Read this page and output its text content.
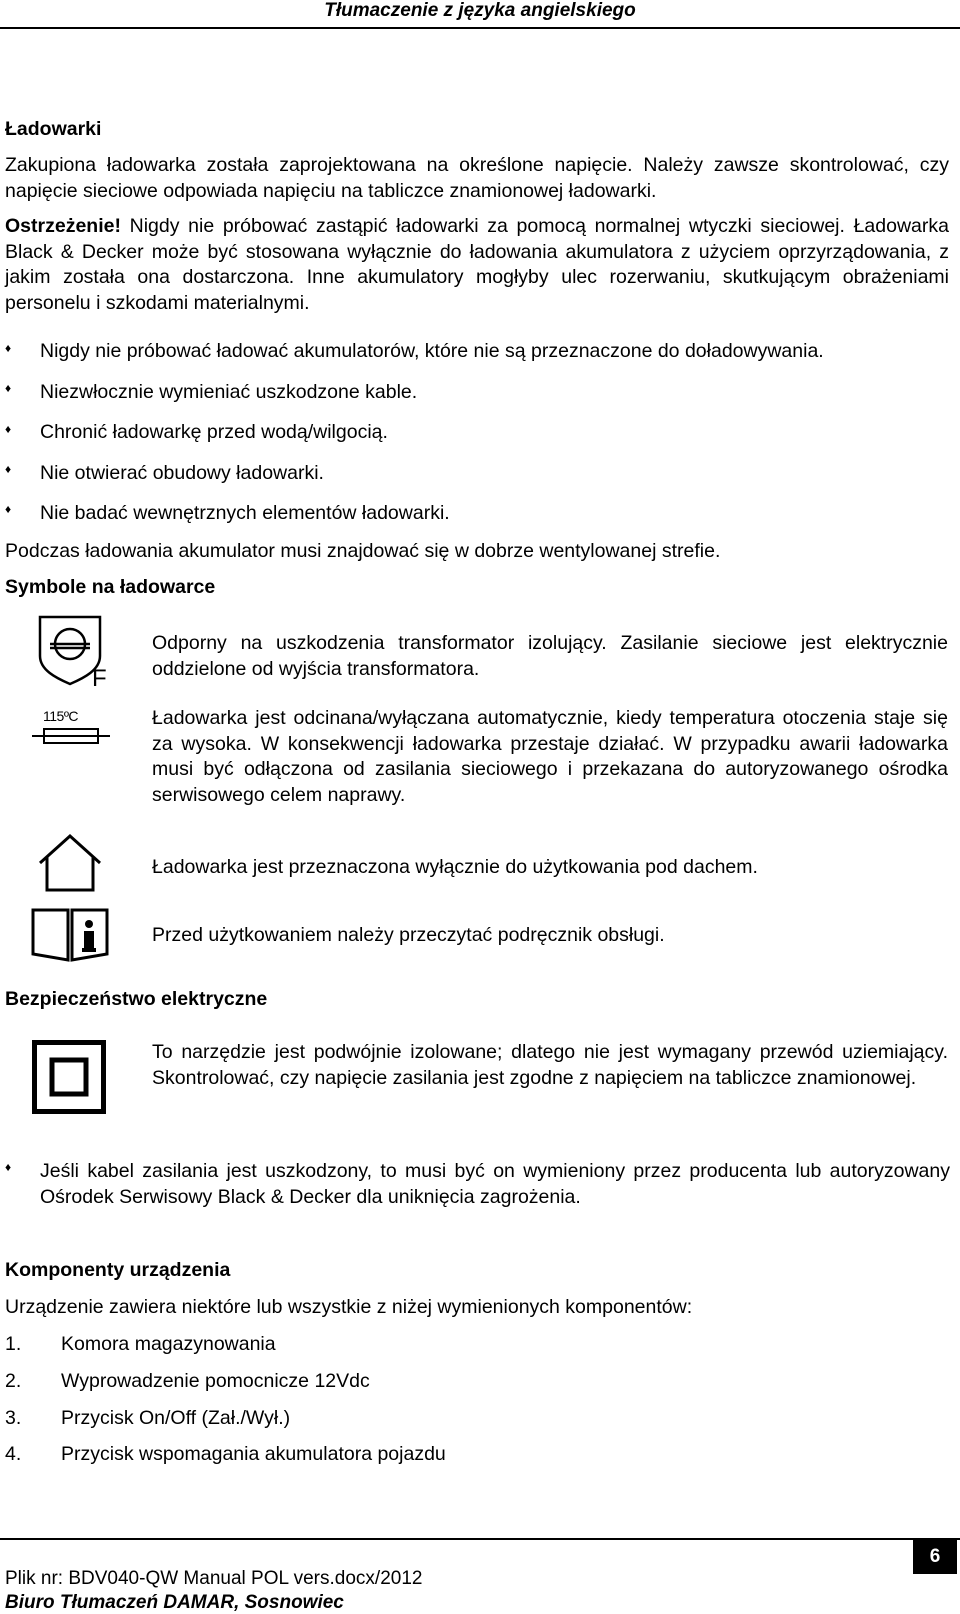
Tłumaczenie z języka angielskiego
Ładowarki
Zakupiona ładowarka została zaprojektowana na określone napięcie. Należy zawsze skontrolować, czy napięcie sieciowe odpowiada napięciu na tabliczce znamionowej ładowarki.
Ostrzeżenie! Nigdy nie próbować zastąpić ładowarki za pomocą normalnej wtyczki sieciowej. Ładowarka Black & Decker może być stosowana wyłącznie do ładowania akumulatora z użyciem oprzyrządowania, z jakim została ona dostarczona. Inne akumulatory mogłyby ulec rozerwaniu, skutkującym obrażeniami personelu i szkodami materialnymi.
♦ Nigdy nie próbować ładować akumulatorów, które nie są przeznaczone do doładowywania.
♦ Niezwłocznie wymieniać uszkodzone kable.
♦ Chronić ładowarkę przed wodą/wilgocią.
♦ Nie otwierać obudowy ładowarki.
♦ Nie badać wewnętrznych elementów ładowarki.
Podczas ładowania akumulator musi znajdować się w dobrze wentylowanej strefie.
Symbole na ładowarce
F
Odporny na uszkodzenia transformator izolujący. Zasilanie sieciowe jest elektrycznie oddzielone od wyjścia transformatora.
115ºC	Ładowarka jest odcinana/wyłączana automatycznie, kiedy temperatura otoczenia staje się za wysoka. W konsekwencji ładowarka przestaje działać. W przypadku awarii ładowarka musi być odłączona od zasilania sieciowego i przekazana do autoryzowanego ośrodka serwisowego celem naprawy.
Ładowarka jest przeznaczona wyłącznie do użytkowania pod dachem.
Przed użytkowaniem należy przeczytać podręcznik obsługi.
Bezpieczeństwo elektryczne
To narzędzie jest podwójnie izolowane; dlatego nie jest wymagany przewód uziemiający. Skontrolować, czy napięcie zasilania jest zgodne z napięciem na tabliczce znamionowej.
♦ Jeśli kabel zasilania jest uszkodzony, to musi być on wymieniony przez producenta lub autoryzowany Ośrodek Serwisowy Black & Decker dla uniknięcia zagrożenia.
Komponenty urządzenia
Urządzenie zawiera niektóre lub wszystkie z niżej wymienionych komponentów:
1. Komora magazynowania
2. Wyprowadzenie pomocnicze 12Vdc
3. Przycisk On/Off (Zał./Wył.)
4. Przycisk wspomagania akumulatora pojazdu
6
Plik nr: BDV040-QW Manual POL vers.docx/2012
Biuro Tłumaczeń DAMAR, Sosnowiec
